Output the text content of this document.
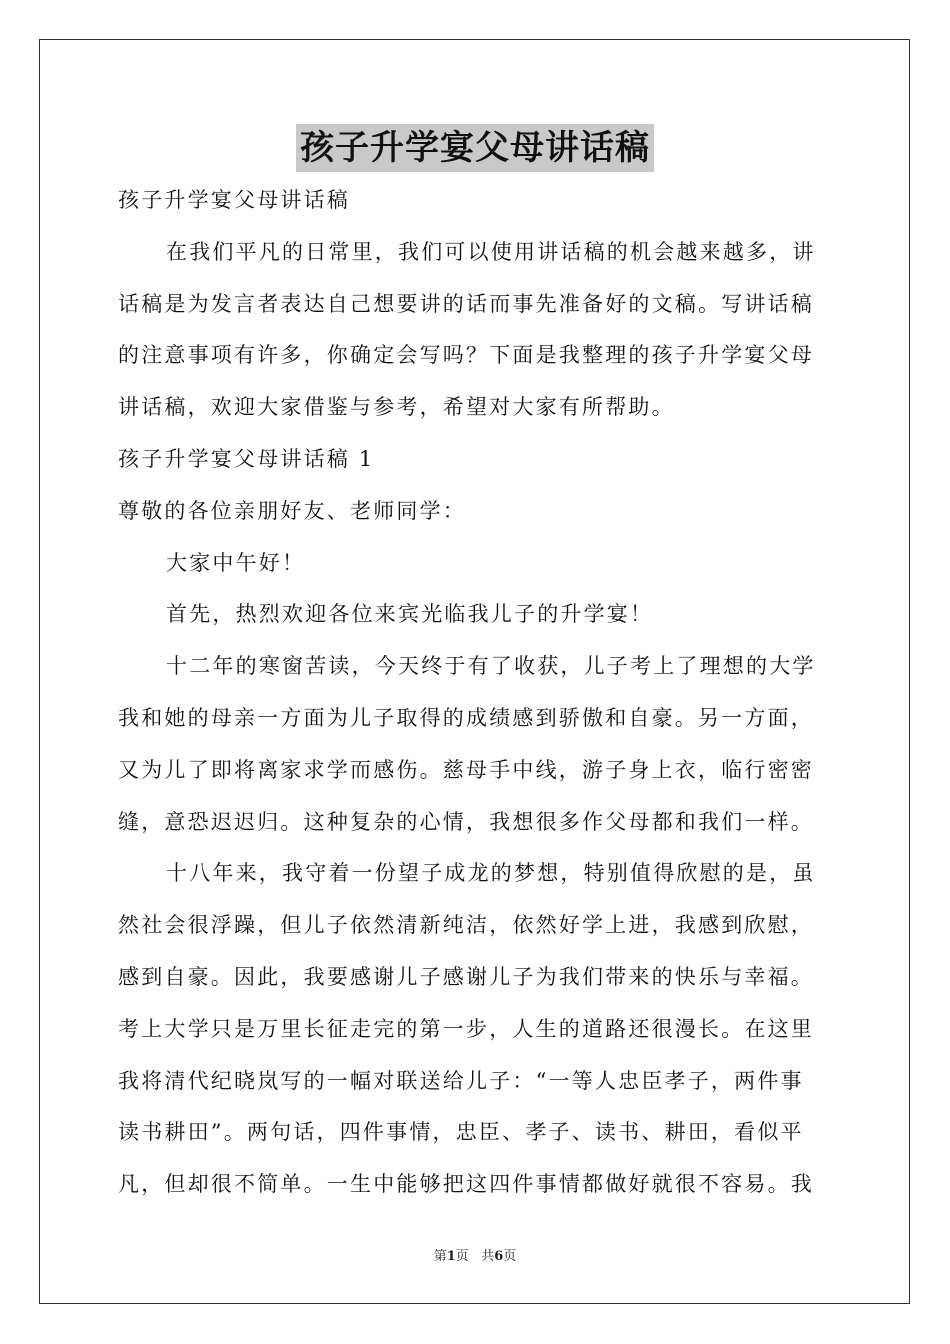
孩子升学宴父母讲话稿
孩子升学宴父母讲话稿
在我们平凡的日常里，我们可以使用讲话稿的机会越来越多，讲
话稿是为发言者表达自己想要讲的话而事先准备好的文稿。写讲话稿
的注意事项有许多，你确定会写吗？下面是我整理的孩子升学宴父母
讲话稿，欢迎大家借鉴与参考，希望对大家有所帮助。
孩子升学宴父母讲话稿 1
尊敬的各位亲朋好友、老师同学：
大家中午好！
首先，热烈欢迎各位来宾光临我儿子的升学宴！
十二年的寒窗苦读，今天终于有了收获，儿子考上了理想的大学
我和她的母亲一方面为儿子取得的成绩感到骄傲和自豪。另一方面，
又为儿了即将离家求学而感伤。慈母手中线，游子身上衣，临行密密
缝，意恐迟迟归。这种复杂的心情，我想很多作父母都和我们一样。
十八年来，我守着一份望子成龙的梦想，特别值得欣慰的是，虽
然社会很浮躁，但儿子依然清新纯洁，依然好学上进，我感到欣慰，
感到自豪。因此，我要感谢儿子感谢儿子为我们带来的快乐与幸福。
考上大学只是万里长征走完的第一步，人生的道路还很漫长。在这里
我将清代纪晓岚写的一幅对联送给儿子：“一等人忠臣孝子，两件事
读书耕田”。两句话，四件事情，忠臣、孝子、读书、耕田，看似平
凡，但却很不简单。一生中能够把这四件事情都做好就很不容易。我
第1页 共6页
